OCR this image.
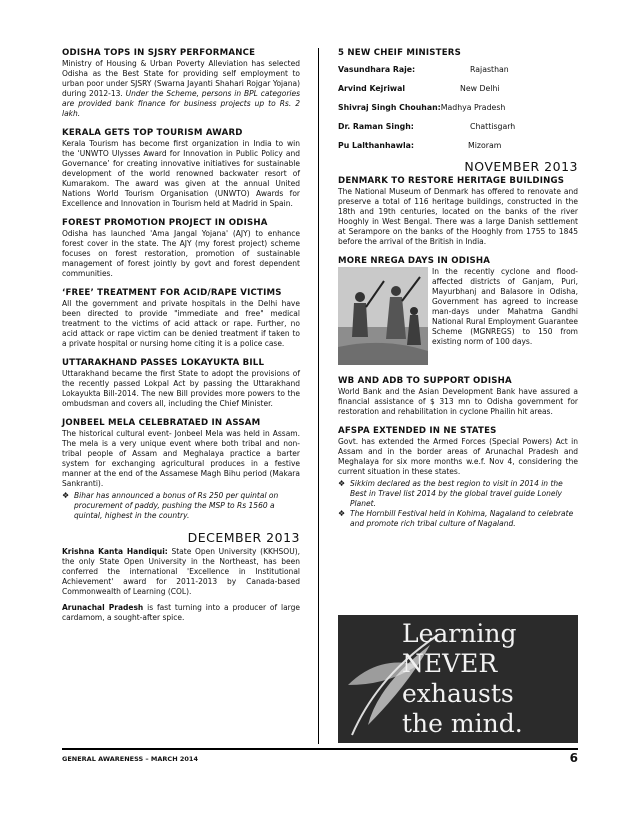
ODISHA TOPS IN SJSRY PERFORMANCE

Ministry of Housing & Urban Poverty Alleviation has selected Odisha as the Best State for providing self employment to urban poor under SJSRY (Swarna Jayanti Shahari Rojgar Yojana) during 2012-13. Under the Scheme, persons in BPL categories are provided bank finance for business projects up to Rs. 2 lakh.

KERALA GETS TOP TOURISM AWARD

Kerala Tourism has become first organization in India to win the ‘UNWTO Ulysses Award for Innovation in Public Policy and Governance’ for creating innovative initiatives for sustainable development of the world renowned backwater resort of Kumarakom. The award was given at the annual United Nations World Tourism Organisation (UNWTO) Awards for Excellence and Innovation in Tourism held at Madrid in Spain.

FOREST PROMOTION PROJECT IN ODISHA

Odisha has launched 'Ama Jangal Yojana' (AJY) to enhance forest cover in the state. The AJY (my forest project) scheme focuses on forest restoration, promotion of sustainable management of forest jointly by govt and forest dependent communities.

‘FREE’ TREATMENT FOR ACID/RAPE VICTIMS

All the government and private hospitals in the Delhi have been directed to provide "immediate and free" medical treatment to the victims of acid attack or rape. Further, no acid attack or rape victim can be denied treatment if taken to a private hospital or nursing home citing it is a police case.

UTTARAKHAND PASSES LOKAYUKTA BILL

Uttarakhand became the first State to adopt the provisions of the recently passed Lokpal Act by passing the Uttarakhand Lokayukta Bill-2014. The new Bill provides more powers to the ombudsman and covers all, including the Chief Minister.

JONBEEL MELA CELEBRATAED IN ASSAM

The historical cultural event- Jonbeel Mela was held in Assam. The mela is a very unique event where both tribal and non-tribal people of Assam and Meghalaya practice a barter system for exchanging agricultural produces in a festive manner at the end of the Assamese Magh Bihu period (Makara Sankranti).

❖ Bihar has announced a bonus of Rs 250 per quintal on procurement of paddy, pushing the MSP to Rs 1560 a quintal, highest in the country.
DECEMBER 2013

Krishna Kanta Handiqui: State Open University (KKHSOU), the only State Open University in the Northeast, has been conferred the international 'Excellence in Institutional Achievement' award for 2011-2013 by Canada-based Commonwealth of Learning (COL).

Arunachal Pradesh is fast turning into a producer of large cardamom, a sought-after spice.

5 NEW CHEIF MINISTERS

Vasundhara Raje:	Rajasthan
Arvind Kejriwal	New Delhi
Shivraj Singh Chouhan: Madhya Pradesh
Dr. Raman Singh:	Chattisgarh
Pu Lalthanhawla:	Mizoram
NOVEMBER 2013

DENMARK TO RESTORE HERITAGE BUILDINGS

The National Museum of Denmark has offered to renovate and preserve a total of 116 heritage buildings, constructed in the 18th and 19th centuries, located on the banks of the river Hooghly in West Bengal. There was a large Danish settlement at Serampore on the banks of the Hooghly from 1755 to 1845 before the arrival of the British in India.

MORE NREGA DAYS IN ODISHA

In the recently cyclone and flood-affected districts of Ganjam, Puri, Mayurbhanj and Balasore in Odisha, Government has agreed to increase man-days under Mahatma Gandhi National Rural Employment Guarantee Scheme (MGNREGS) to 150 from existing norm of 100 days.

WB AND ADB TO SUPPORT ODISHA

World Bank and the Asian Development Bank have assured a financial assistance of $ 313 mn to Odisha government for restoration and rehabilitation in cyclone Phailin hit areas.

AFSPA EXTENDED IN NE STATES

Govt. has extended the Armed Forces (Special Powers) Act in Assam and in the border areas of Arunachal Pradesh and Meghalaya for six more months w.e.f. Nov 4, considering the current situation in these states.

❖ Sikkim declared as the best region to visit in 2014 in the Best in Travel list 2014 by the global travel guide Lonely Planet.
❖ The Hornbill Festival held in Kohima, Nagaland to celebrate and promote rich tribal culture of Nagaland.
Learning
NEVER
exhausts
the mind.
GENERAL AWARENESS – MARCH 2014	6
